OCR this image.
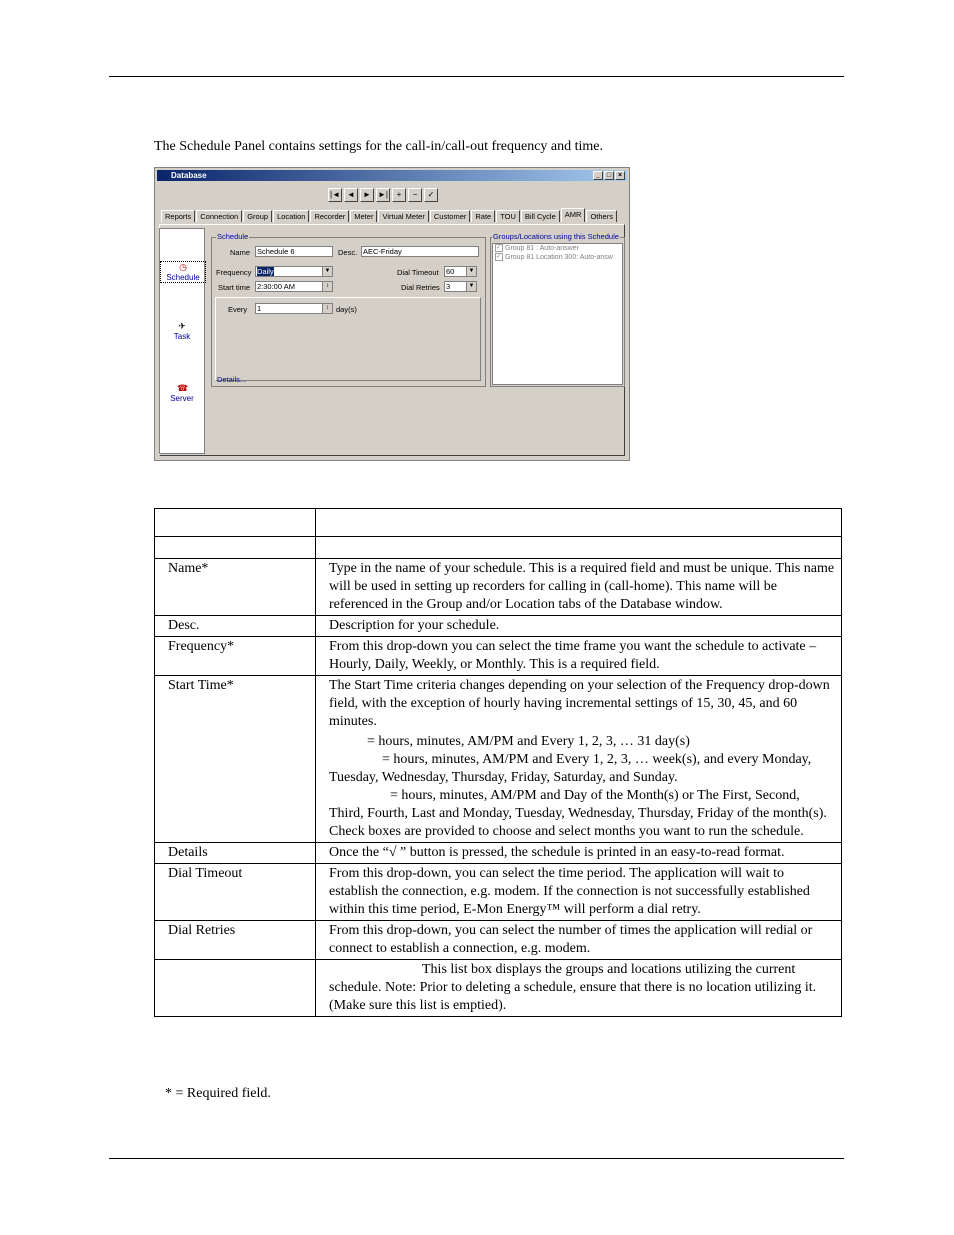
The Schedule Panel contains settings for the call-in/call-out frequency and time.
Database	_ □ ×
|◄ ◄	► ►|	+	−	✓
Reports	Connection	Group	Location	Recorder	Meter	Virtual Meter	Customer	Rate	TOU	Bill Cycle	AMR	Others
◷
Schedule
✈
Task
☎
Server
Schedule
Name Schedule 6	Desc. AEC-Friday
Frequency Daily	▼
Start time 2:30:00 AM	↕
Dial Timeout 60	▼
Dial Retries 3	▼
Every 1	↕ day(s)
Details...
Groups/Locations using this Schedule
✓ Group 81 : Auto-answer
✓ Group 81 Location 300: Auto-answ

Name*	Type in the name of your schedule. This is a required field and must be unique. This name will be used in setting up recorders for calling in (call-home). This name will be referenced in the Group and/or Location tabs of the Database window.
Desc.	Description for your schedule.
Frequency*	From this drop-down you can select the time frame you want the schedule to activate – Hourly, Daily, Weekly, or Monthly. This is a required field.
Start Time*	The Start Time criteria changes depending on your selection of the Frequency drop-down field, with the exception of hourly having incremental settings of 15, 30, 45, and 60 minutes.
= hours, minutes, AM/PM and Every 1, 2, 3, … 31 day(s)
= hours, minutes, AM/PM and Every 1, 2, 3, … week(s), and every Monday, Tuesday, Wednesday, Thursday, Friday, Saturday, and Sunday.
= hours, minutes, AM/PM and Day of the Month(s) or The First, Second, Third, Fourth, Last and Monday, Tuesday, Wednesday, Thursday, Friday of the month(s). Check boxes are provided to choose and select months you want to run the schedule.

Details	Once the “√ ” button is pressed, the schedule is printed in an easy-to-read format.
Dial Timeout	From this drop-down, you can select the time period. The application will wait to establish the connection, e.g. modem. If the connection is not successfully established within this time period, E-Mon Energy™ will perform a dial retry.
Dial Retries	From this drop-down, you can select the number of times the application will redial or connect to establish a connection, e.g. modem.
	This list box displays the groups and locations utilizing the current schedule. Note: Prior to deleting a schedule, ensure that there is no location utilizing it. (Make sure this list is emptied).
* = Required field.
